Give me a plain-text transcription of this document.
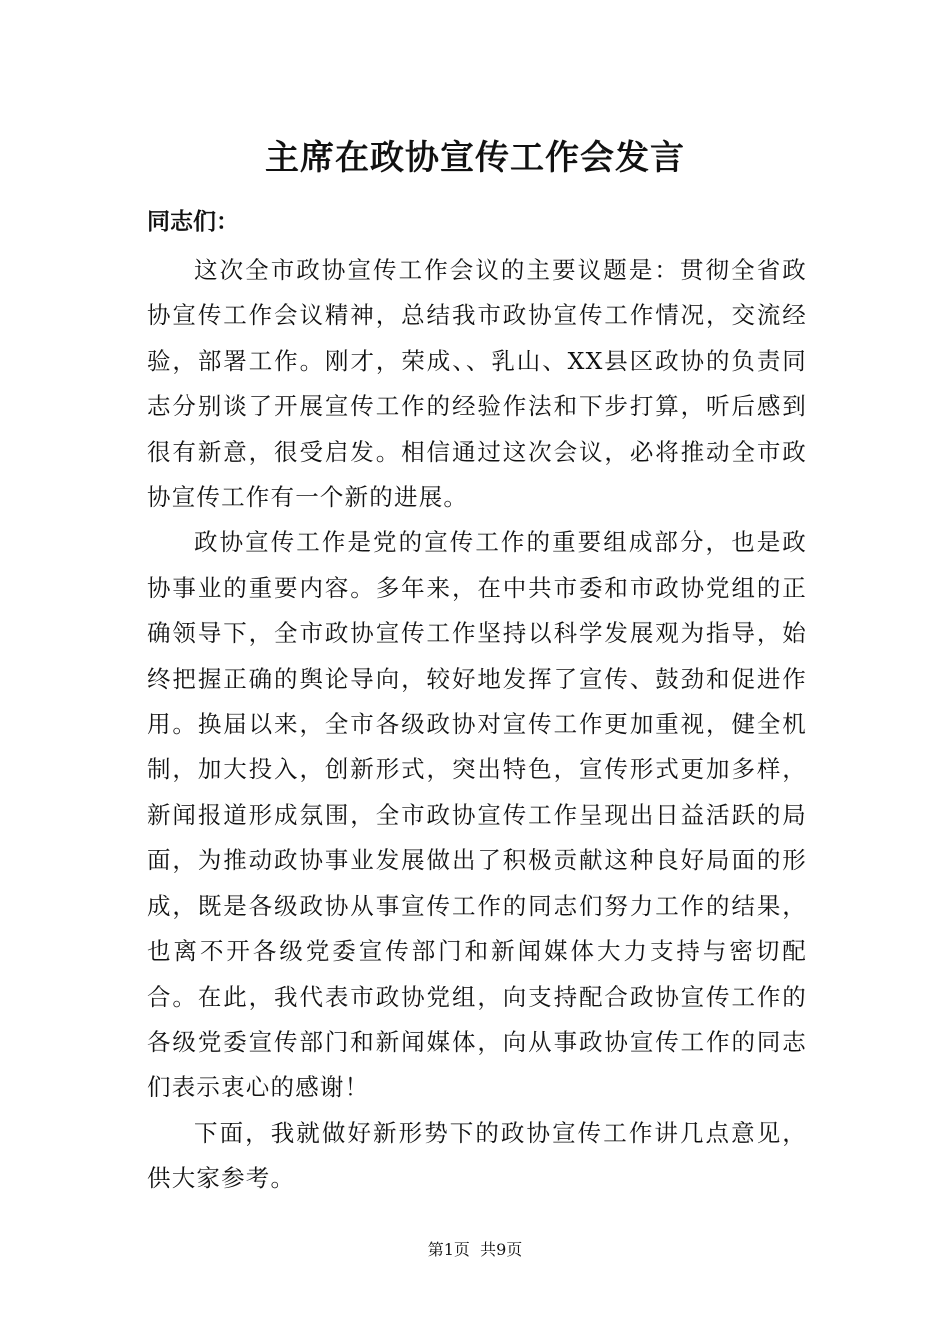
主席在政协宣传工作会发言

同志们：

这次全市政协宣传工作会议的主要议题是：贯彻全省政协宣传工作会议精神，总结我市政协宣传工作情况，交流经验，部署工作。刚才，荣成、、乳山、XX县区政协的负责同志分别谈了开展宣传工作的经验作法和下步打算，听后感到很有新意，很受启发。相信通过这次会议，必将推动全市政协宣传工作有一个新的进展。

政协宣传工作是党的宣传工作的重要组成部分，也是政协事业的重要内容。多年来，在中共市委和市政协党组的正确领导下，全市政协宣传工作坚持以科学发展观为指导，始终把握正确的舆论导向，较好地发挥了宣传、鼓劲和促进作用。换届以来，全市各级政协对宣传工作更加重视，健全机制，加大投入，创新形式，突出特色，宣传形式更加多样，新闻报道形成氛围，全市政协宣传工作呈现出日益活跃的局面，为推动政协事业发展做出了积极贡献这种良好局面的形成，既是各级政协从事宣传工作的同志们努力工作的结果，也离不开各级党委宣传部门和新闻媒体大力支持与密切配合。在此，我代表市政协党组，向支持配合政协宣传工作的各级党委宣传部门和新闻媒体，向从事政协宣传工作的同志们表示衷心的感谢！

下面，我就做好新形势下的政协宣传工作讲几点意见，供大家参考。

第1页  共9页
